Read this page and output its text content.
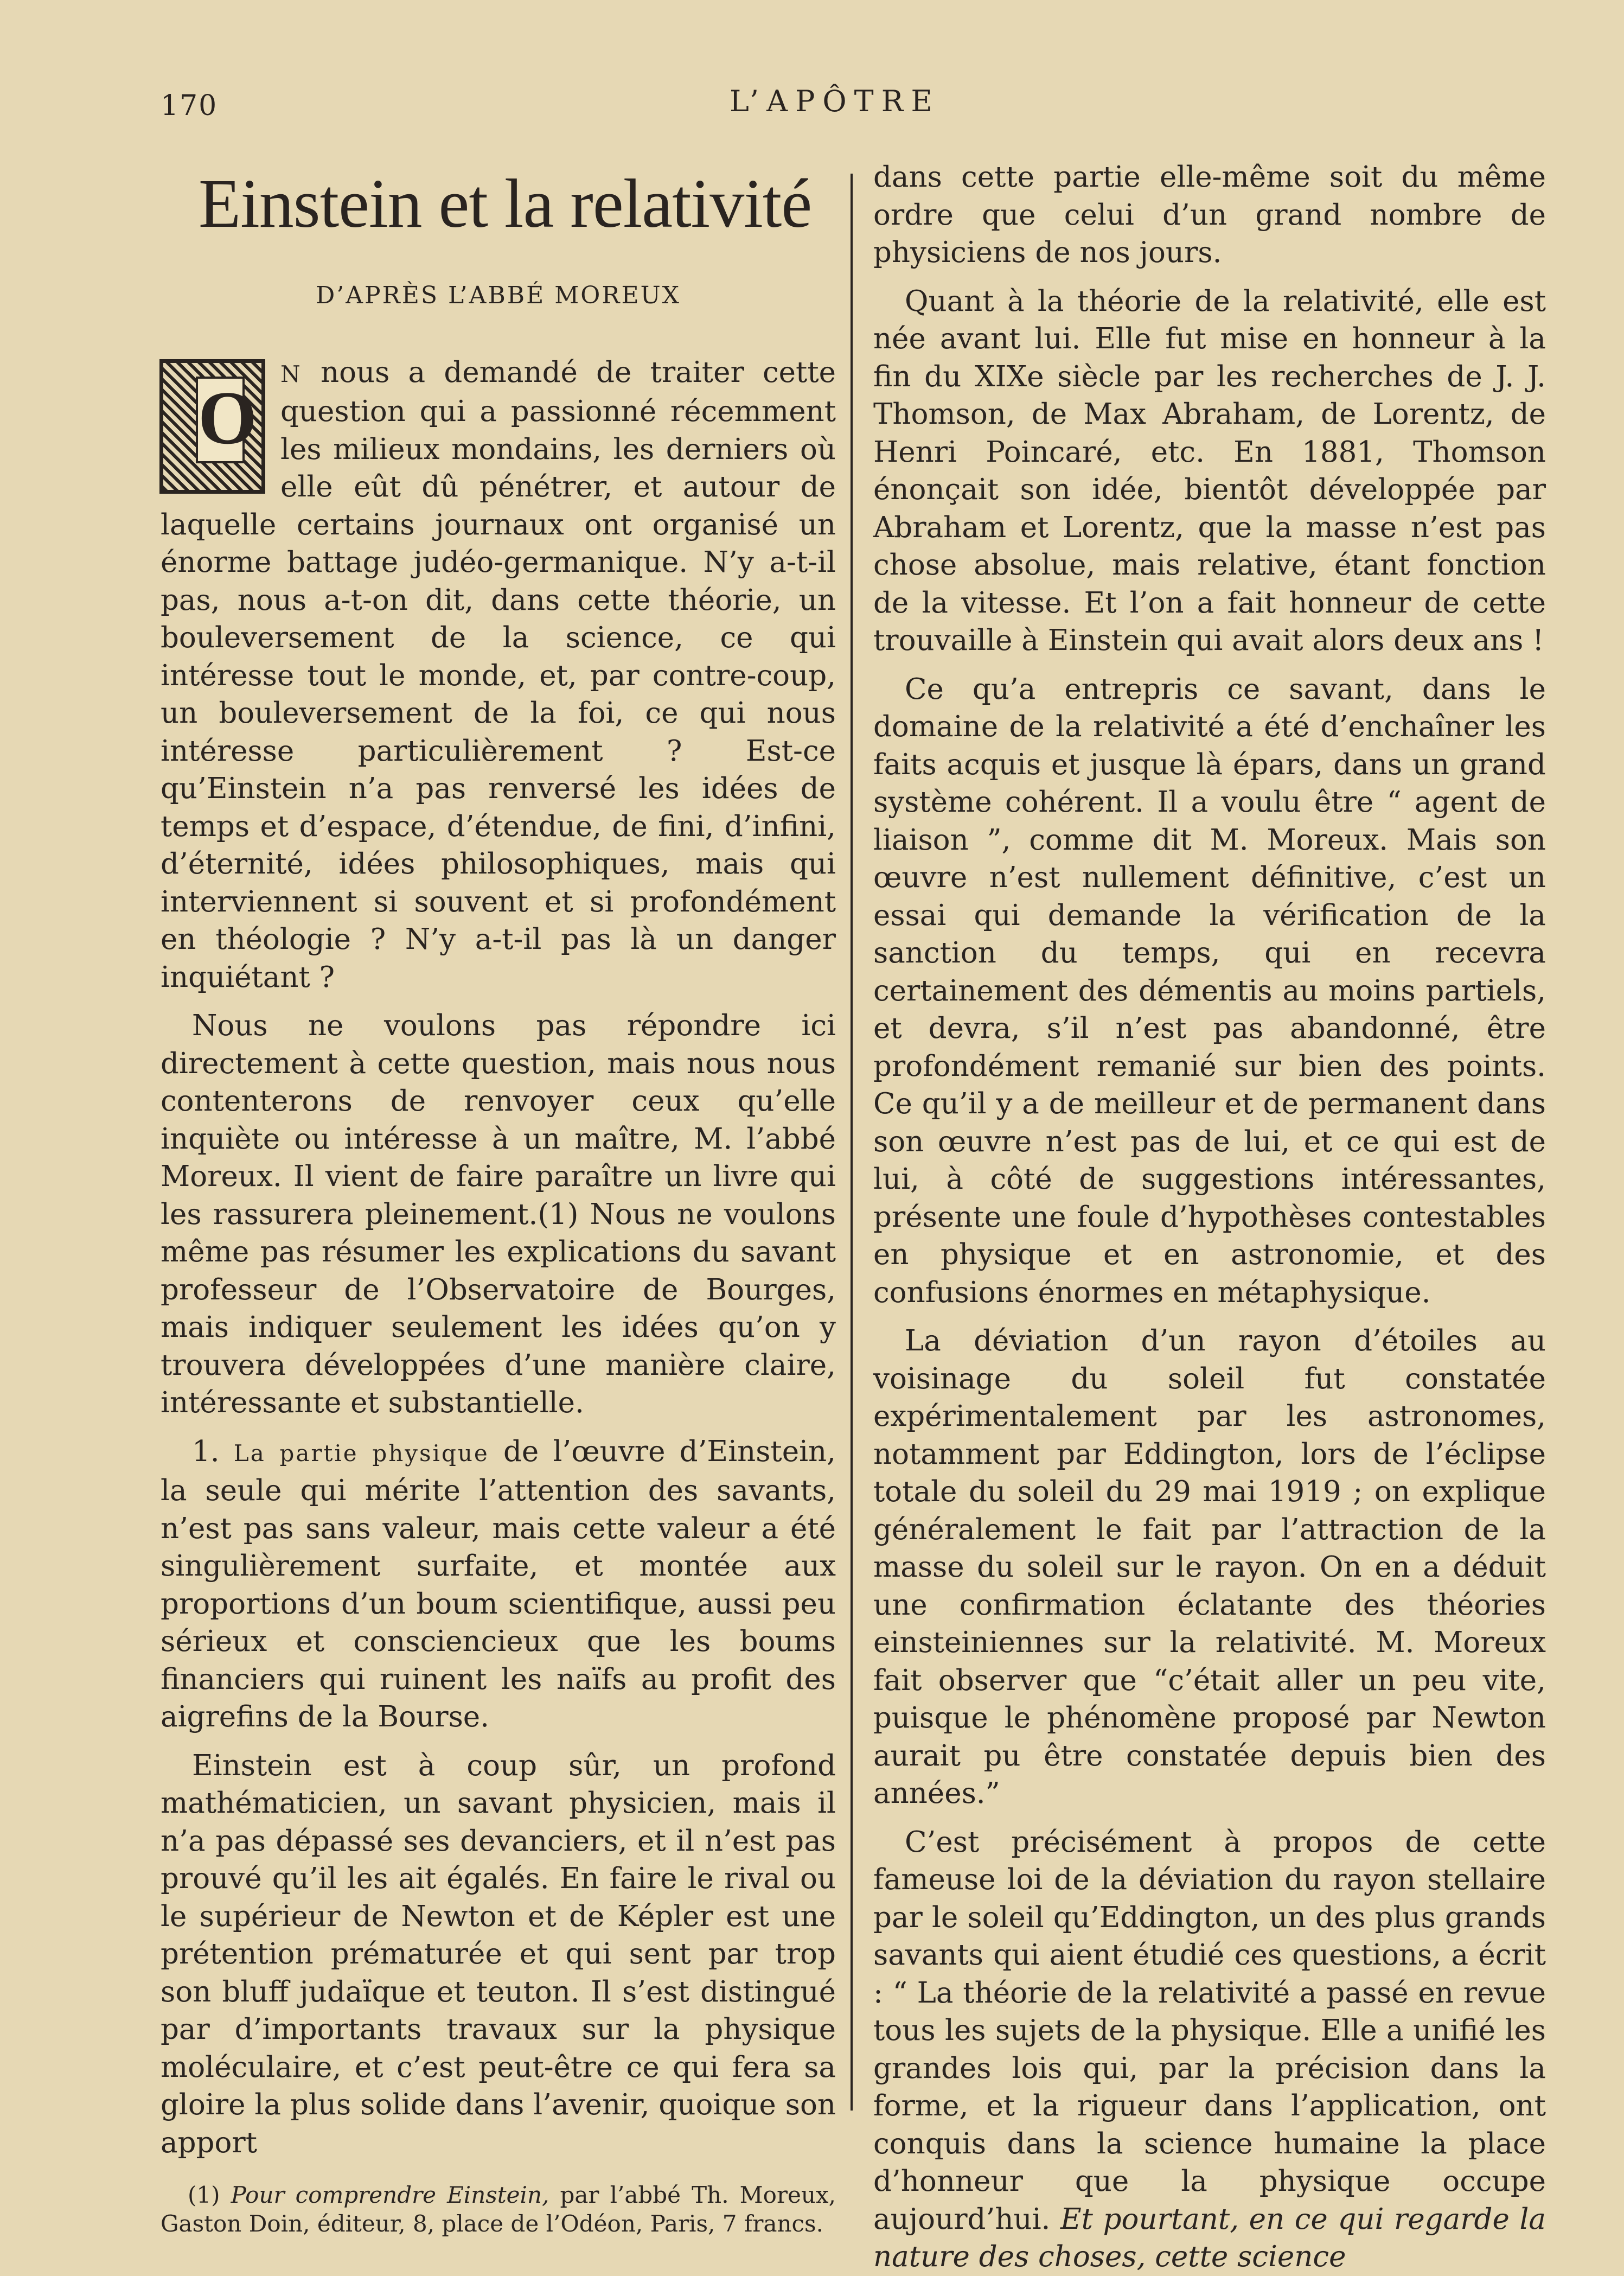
170	L’APÔTRE
Einstein et la relativité
D’APRÈS L’ABBÉ MOREUX

O
N nous a demandé de traiter cette question qui a passionné récemment les milieux mondains, les derniers où elle eût dû pénétrer, et autour de laquelle certains journaux ont organisé un énorme battage judéo-germanique. N’y a-t-il pas, nous a-t-on dit, dans cette théorie, un bouleversement de la science, ce qui intéresse tout le monde, et, par contre-coup, un bouleversement de la foi, ce qui nous intéresse particulièrement ? Est-ce qu’Einstein n’a pas renversé les idées de temps et d’espace, d’étendue, de fini, d’infini, d’éternité, idées philosophiques, mais qui interviennent si souvent et si profondément en théologie ? N’y a-t-il pas là un danger inquiétant ?

Nous ne voulons pas répondre ici directement à cette question, mais nous nous contenterons de renvoyer ceux qu’elle inquiète ou intéresse à un maître, M. l’abbé Moreux. Il vient de faire paraître un livre qui les rassurera pleinement.(1) Nous ne voulons même pas résumer les explications du savant professeur de l’Observatoire de Bourges, mais indiquer seulement les idées qu’on y trouvera développées d’une manière claire, intéressante et substantielle.

1. La partie physique de l’œuvre d’Einstein, la seule qui mérite l’attention des savants, n’est pas sans valeur, mais cette valeur a été singulièrement surfaite, et montée aux proportions d’un boum scientifique, aussi peu sérieux et consciencieux que les boums financiers qui ruinent les naïfs au profit des aigrefins de la Bourse.

Einstein est à coup sûr, un profond mathématicien, un savant physicien, mais il n’a pas dépassé ses devanciers, et il n’est pas prouvé qu’il les ait égalés. En faire le rival ou le supérieur de Newton et de Képler est une prétention prématurée et qui sent par trop son bluff judaïque et teuton. Il s’est distingué par d’importants travaux sur la physique moléculaire, et c’est peut-être ce qui fera sa gloire la plus solide dans l’avenir, quoique son apport

(1) Pour comprendre Einstein, par l’abbé Th. Moreux, Gaston Doin, éditeur, 8, place de l’Odéon, Paris, 7 francs.

dans cette partie elle-même soit du même ordre que celui d’un grand nombre de physiciens de nos jours.

Quant à la théorie de la relativité, elle est née avant lui. Elle fut mise en honneur à la fin du XIXe siècle par les recherches de J. J. Thomson, de Max Abraham, de Lorentz, de Henri Poincaré, etc. En 1881, Thomson énonçait son idée, bientôt développée par Abraham et Lorentz, que la masse n’est pas chose absolue, mais relative, étant fonction de la vitesse. Et l’on a fait honneur de cette trouvaille à Einstein qui avait alors deux ans !

Ce qu’a entrepris ce savant, dans le domaine de la relativité a été d’enchaîner les faits acquis et jusque là épars, dans un grand système cohérent. Il a voulu être “ agent de liaison ”, comme dit M. Moreux. Mais son œuvre n’est nullement définitive, c’est un essai qui demande la vérification de la sanction du temps, qui en recevra certainement des démentis au moins partiels, et devra, s’il n’est pas abandonné, être profondément remanié sur bien des points. Ce qu’il y a de meilleur et de permanent dans son œuvre n’est pas de lui, et ce qui est de lui, à côté de suggestions intéressantes, présente une foule d’hypothèses contestables en physique et en astronomie, et des confusions énormes en métaphysique.

La déviation d’un rayon d’étoiles au voisinage du soleil fut constatée expérimentalement par les astronomes, notamment par Eddington, lors de l’éclipse totale du soleil du 29 mai 1919 ; on explique généralement le fait par l’attraction de la masse du soleil sur le rayon. On en a déduit une confirmation éclatante des théories einsteiniennes sur la relativité. M. Moreux fait observer que “c’était aller un peu vite, puisque le phénomène proposé par Newton aurait pu être constatée depuis bien des années.”

C’est précisément à propos de cette fameuse loi de la déviation du rayon stellaire par le soleil qu’Eddington, un des plus grands savants qui aient étudié ces questions, a écrit : “ La théorie de la relativité a passé en revue tous les sujets de la physique. Elle a unifié les grandes lois qui, par la précision dans la forme, et la rigueur dans l’application, ont conquis dans la science humaine la place d’honneur que la physique occupe aujourd’hui. Et pourtant, en ce qui regarde la nature des choses, cette science
